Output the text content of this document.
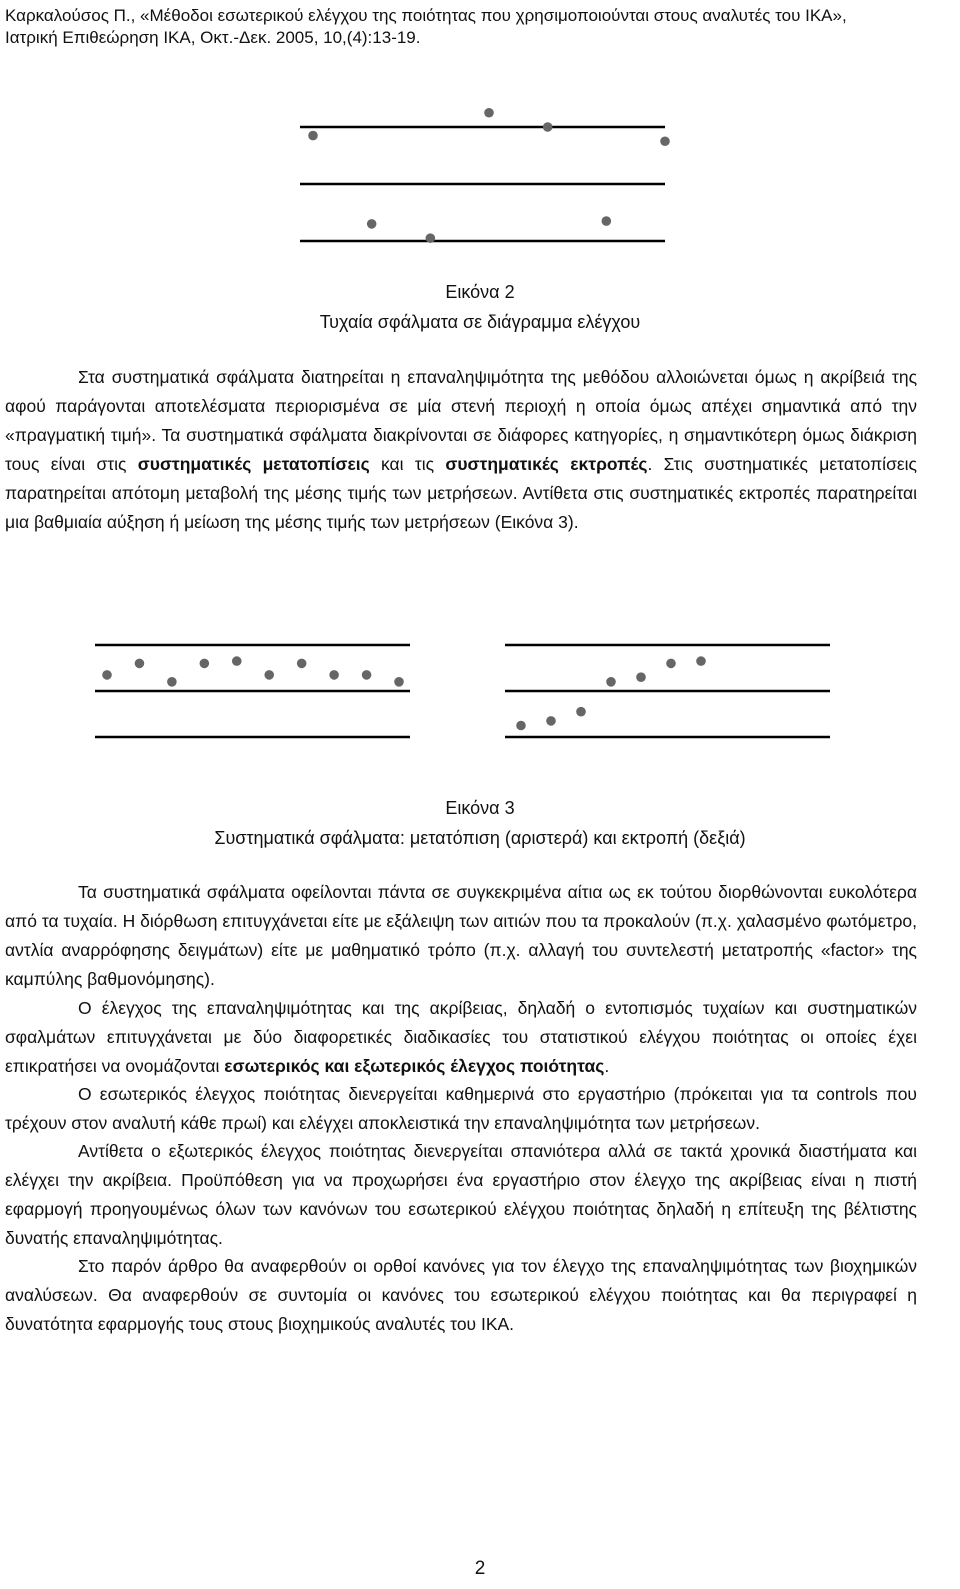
Καρκαλούσος Π., «Μέθοδοι εσωτερικού ελέγχου της ποιότητας που χρησιμοποιούνται στους αναλυτές του ΙΚΑ»,
Ιατρική Επιθεώρηση ΙΚΑ, Οκτ.-Δεκ. 2005, 10,(4):13-19.
Εικόνα 2
Τυχαία σφάλματα σε διάγραμμα ελέγχου

Στα συστηματικά σφάλματα διατηρείται η επαναληψιμότητα της μεθόδου αλλοιώνεται όμως η ακρίβειά της αφού παράγονται αποτελέσματα περιορισμένα σε μία στενή περιοχή η οποία όμως απέχει σημαντικά από την «πραγματική τιμή». Τα συστηματικά σφάλματα διακρίνονται σε διάφορες κατηγορίες, η σημαντικότερη όμως διάκριση τους είναι στις συστηματικές μετατοπίσεις και τις συστηματικές εκτροπές. Στις συστηματικές μετατοπίσεις παρατηρείται απότομη μεταβολή της μέσης τιμής των μετρήσεων. Αντίθετα στις συστηματικές εκτροπές παρατηρείται μια βαθμιαία αύξηση ή μείωση της μέσης τιμής των μετρήσεων (Εικόνα 3).

Εικόνα 3
Συστηματικά σφάλματα: μετατόπιση (αριστερά) και εκτροπή (δεξιά)

Τα συστηματικά σφάλματα οφείλονται πάντα σε συγκεκριμένα αίτια ως εκ τούτου διορθώνονται ευκολότερα από τα τυχαία. Η διόρθωση επιτυγχάνεται είτε με εξάλειψη των αιτιών που τα προκαλούν (π.χ. χαλασμένο φωτόμετρο, αντλία αναρρόφησης δειγμάτων) είτε με μαθηματικό τρόπο (π.χ. αλλαγή του συντελεστή μετατροπής «factor» της καμπύλης βαθμονόμησης).

Ο έλεγχος της επαναληψιμότητας και της ακρίβειας, δηλαδή ο εντοπισμός τυχαίων και συστηματικών σφαλμάτων επιτυγχάνεται με δύο διαφορετικές διαδικασίες του στατιστικού ελέγχου ποιότητας οι οποίες έχει επικρατήσει να ονομάζονται εσωτερικός και εξωτερικός έλεγχος ποιότητας.

Ο εσωτερικός έλεγχος ποιότητας διενεργείται καθημερινά στο εργαστήριο (πρόκειται για τα controls που τρέχουν στον αναλυτή κάθε πρωί) και ελέγχει αποκλειστικά την επαναληψιμότητα των μετρήσεων.

Αντίθετα ο εξωτερικός έλεγχος ποιότητας διενεργείται σπανιότερα αλλά σε τακτά χρονικά διαστήματα και ελέγχει την ακρίβεια. Προϋπόθεση για να προχωρήσει ένα εργαστήριο στον έλεγχο της ακρίβειας είναι η πιστή εφαρμογή προηγουμένως όλων των κανόνων του εσωτερικού ελέγχου ποιότητας δηλαδή η επίτευξη της βέλτιστης δυνατής επαναληψιμότητας.

Στο παρόν άρθρο θα αναφερθούν οι ορθοί κανόνες για τον έλεγχο της επαναληψιμότητας των βιοχημικών αναλύσεων. Θα αναφερθούν σε συντομία οι κανόνες του εσωτερικού ελέγχου ποιότητας και θα περιγραφεί η δυνατότητα εφαρμογής τους στους βιοχημικούς αναλυτές του ΙΚΑ.

2
